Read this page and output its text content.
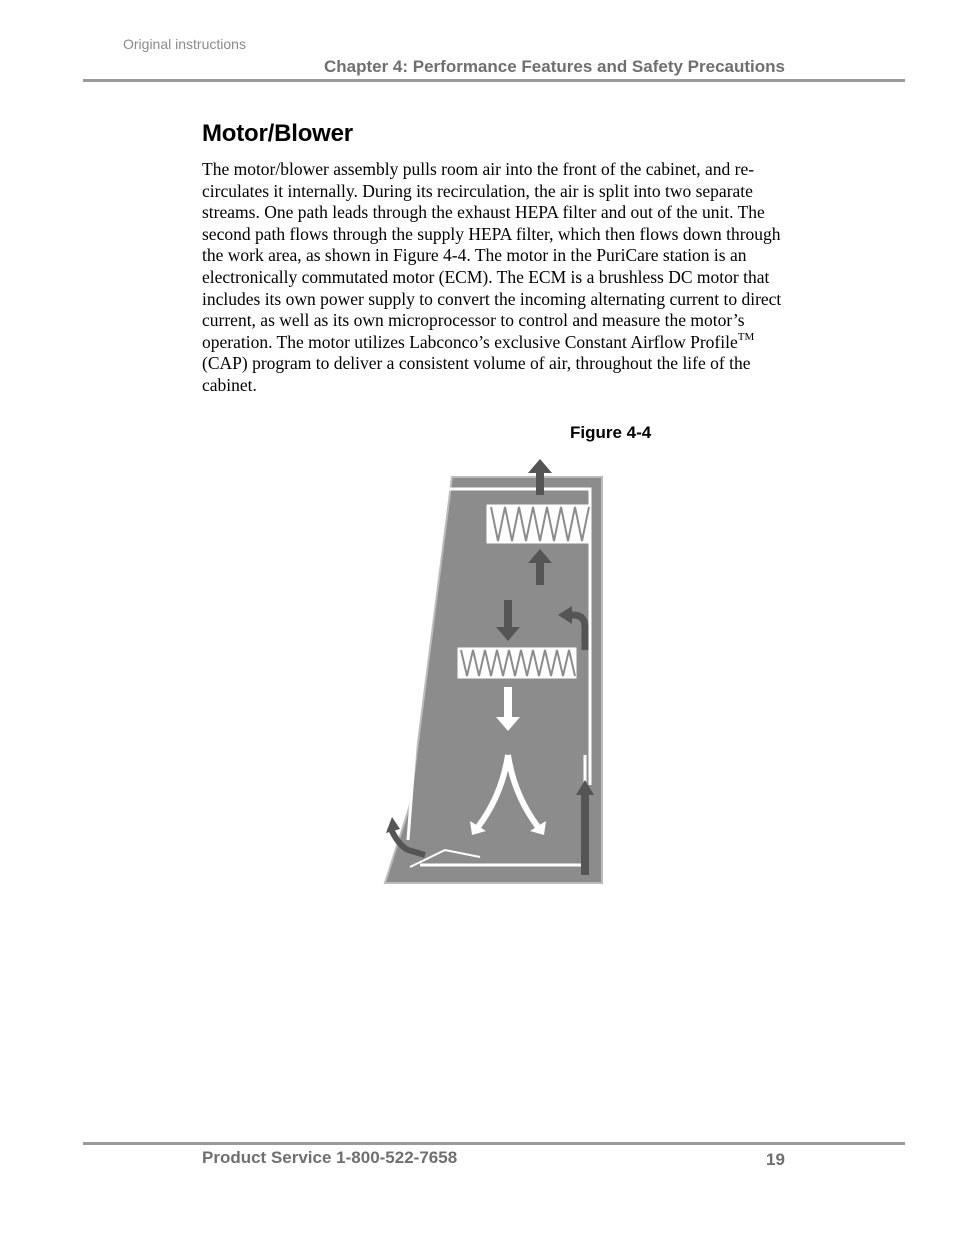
Original instructions
Chapter 4: Performance Features and Safety Precautions
Motor/Blower

The motor/blower assembly pulls room air into the front of the cabinet, and re-circulates it internally. During its recirculation, the air is split into two separate streams. One path leads through the exhaust HEPA filter and out of the unit. The second path flows through the supply HEPA filter, which then flows down through the work area, as shown in Figure 4-4. The motor in the PuriCare station is an electronically commutated motor (ECM). The ECM is a brushless DC motor that includes its own power supply to convert the incoming alternating current to direct current, as well as its own microprocessor to control and measure the motor’s operation. The motor utilizes Labconco’s exclusive Constant Airflow Profile™ (CAP) program to deliver a consistent volume of air, throughout the life of the cabinet.

Figure 4-4
Product Service 1-800-522-7658	19
